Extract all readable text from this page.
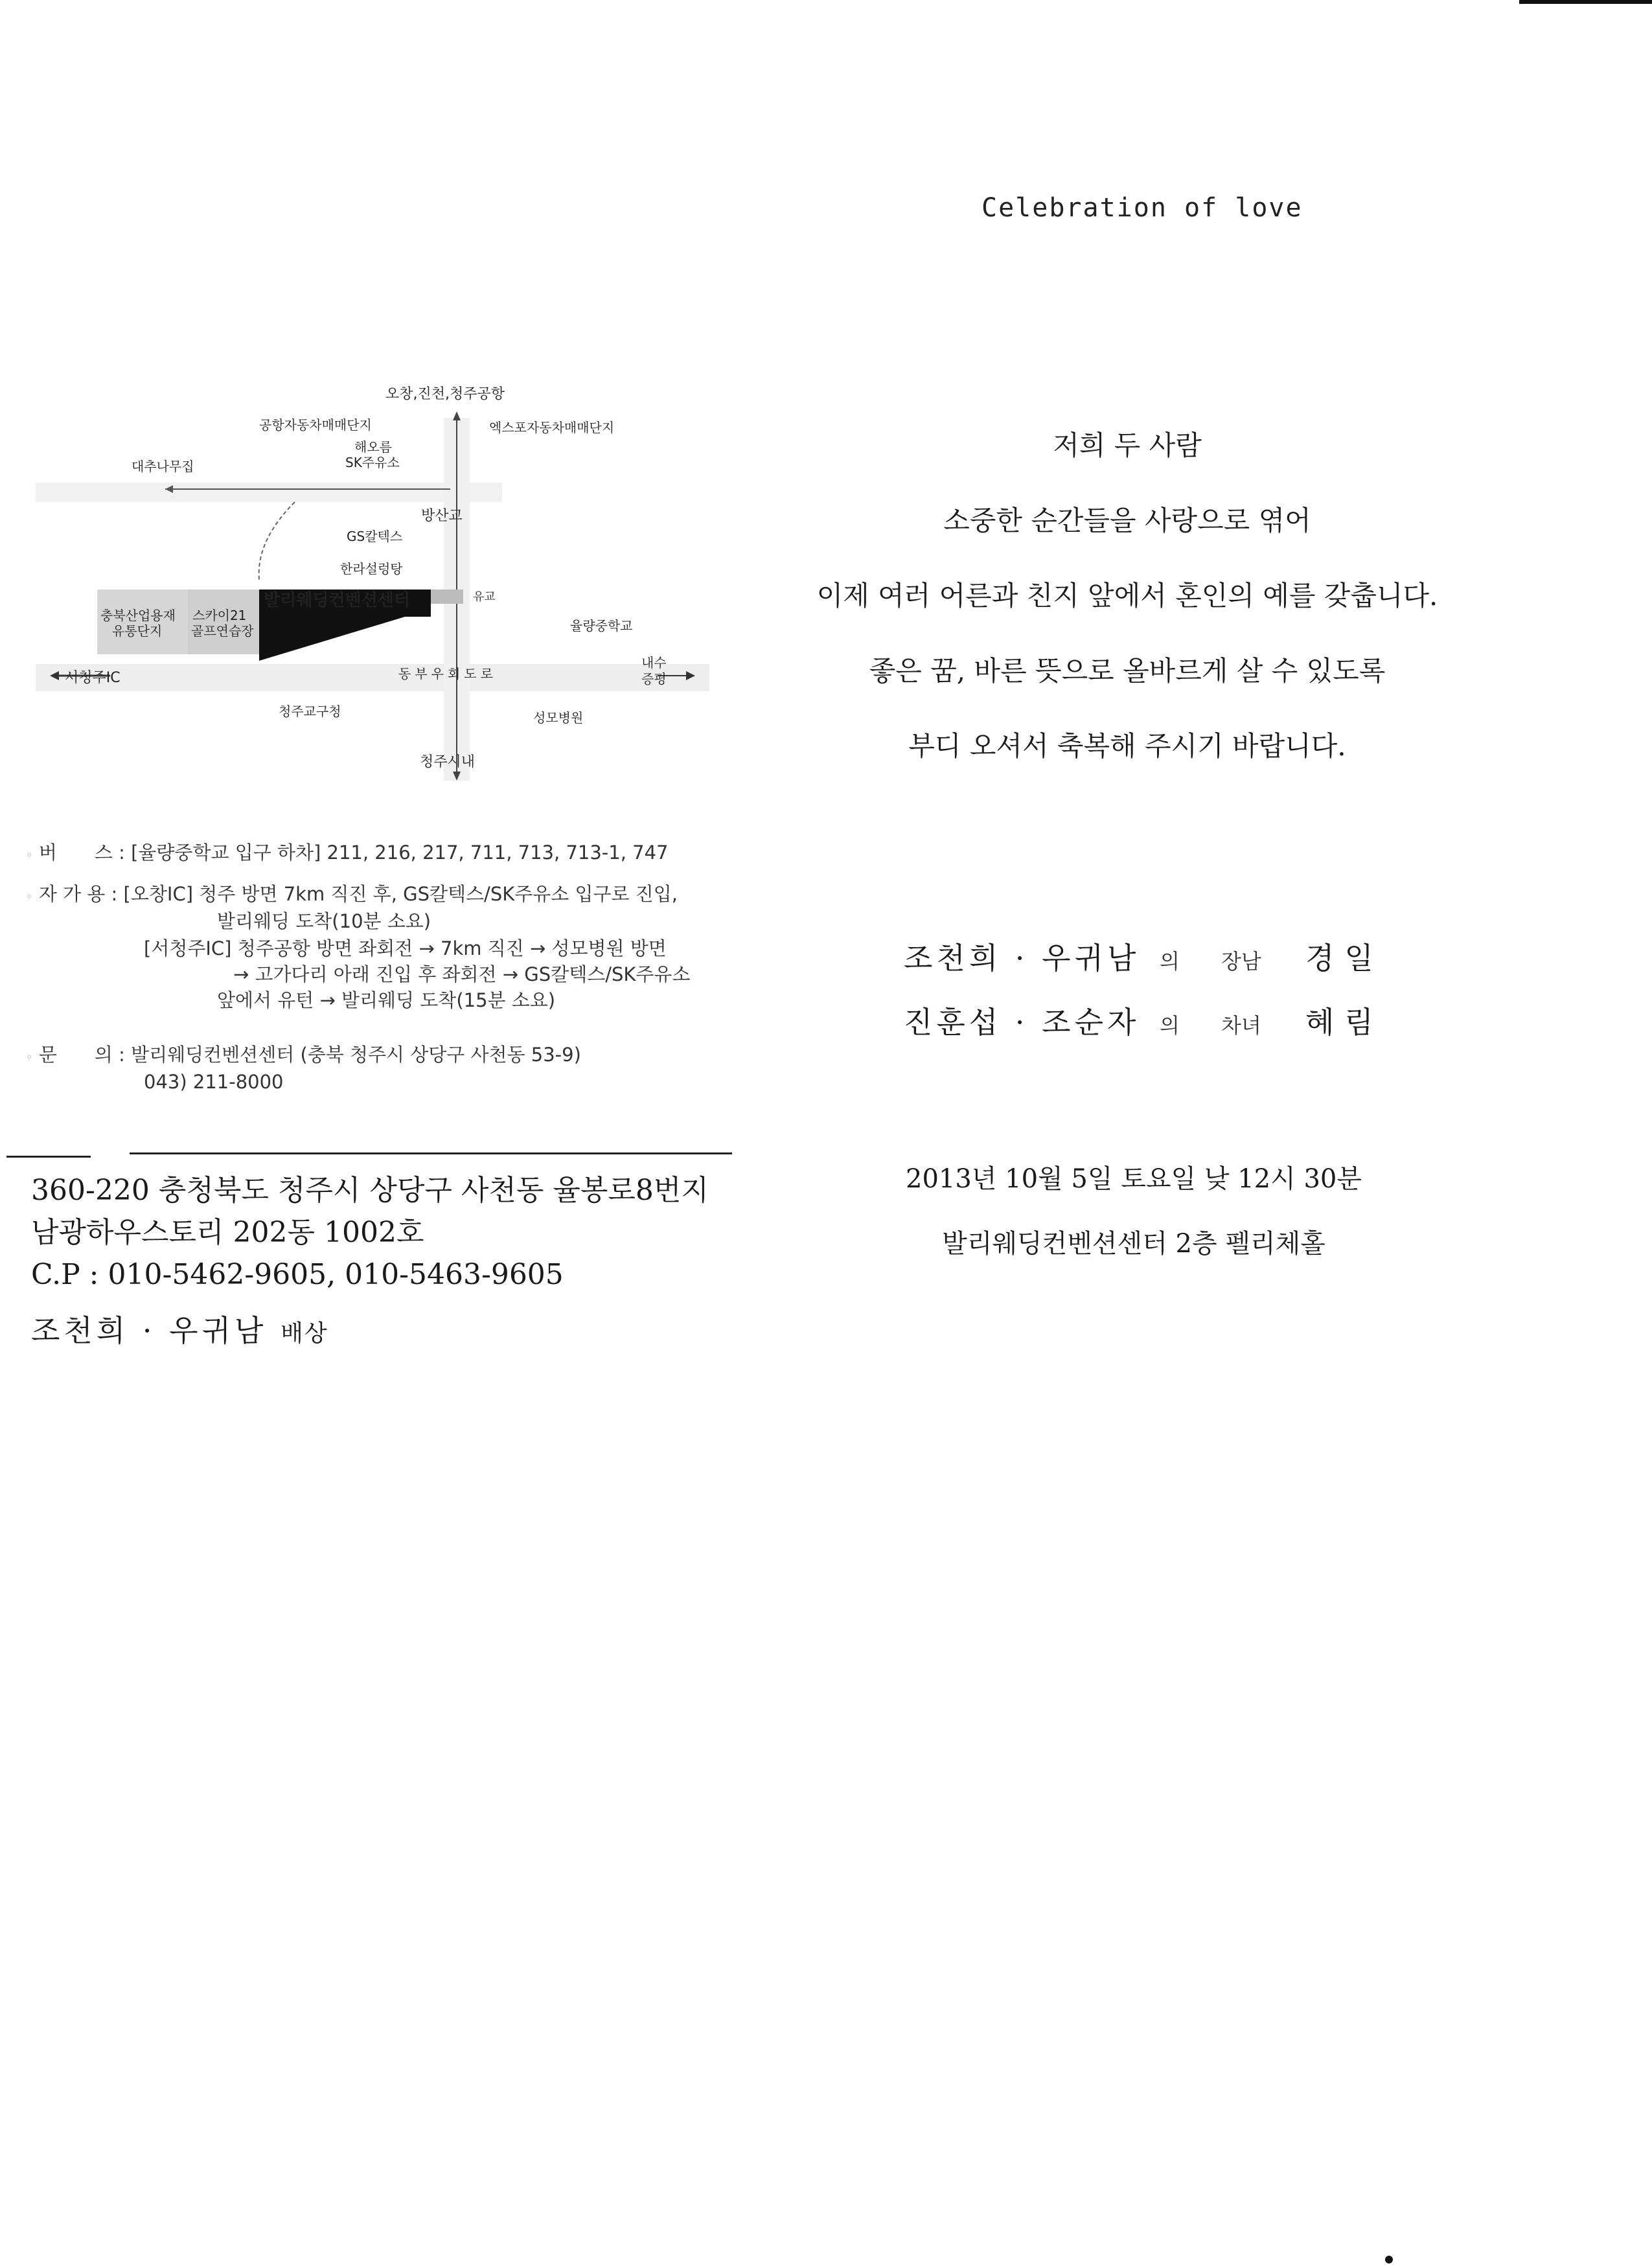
Celebration of love
저희 두 사람
소중한 순간들을 사랑으로 엮어
이제 여러 어른과 친지 앞에서 혼인의 예를 갖춥니다.
좋은 꿈, 바른 뜻으로 올바르게 살 수 있도록
부디 오셔서 축복해 주시기 바랍니다.
오창,진천,청주공항
공항자동차매매단지	엑스포자동차매매단지
해오름
SK주유소
대추나무집
방산교
GS칼텍스
한라설렁탕
유교
발리웨딩컨벤션센터
충북산업용재
유통단지
스카이21
골프연습장	율량중학교
내수
증평
서청주IC	동부우회도로
청주교구청	성모병원
청주시내
◦ 버　　스 : [율량중학교 입구 하차] 211, 216, 217, 711, 713, 713-1, 747
◦ 자 가 용 : [오창IC] 청주 방면 7km 직진 후, GS칼텍스/SK주유소 입구로 진입,
발리웨딩 도착(10분 소요)
[서청주IC] 청주공항 방면 좌회전 → 7km 직진 → 성모병원 방면
→ 고가다리 아래 진입 후 좌회전 → GS칼텍스/SK주유소
앞에서 유턴 → 발리웨딩 도착(15분 소요)
◦ 문　　의 : 발리웨딩컨벤션센터 (충북 청주시 상당구 사천동 53-9)
043) 211-8000
조천희 · 우귀남 의	장남	경일
진훈섭 · 조순자 의	차녀	혜림
2013년 10월 5일 토요일 낮 12시 30분
발리웨딩컨벤션센터 2층 펠리체홀
360-220 충청북도 청주시 상당구 사천동 율봉로8번지
남광하우스토리 202동 1002호
C.P : 010-5462-9605, 010-5463-9605
조천희 · 우귀남 배상
